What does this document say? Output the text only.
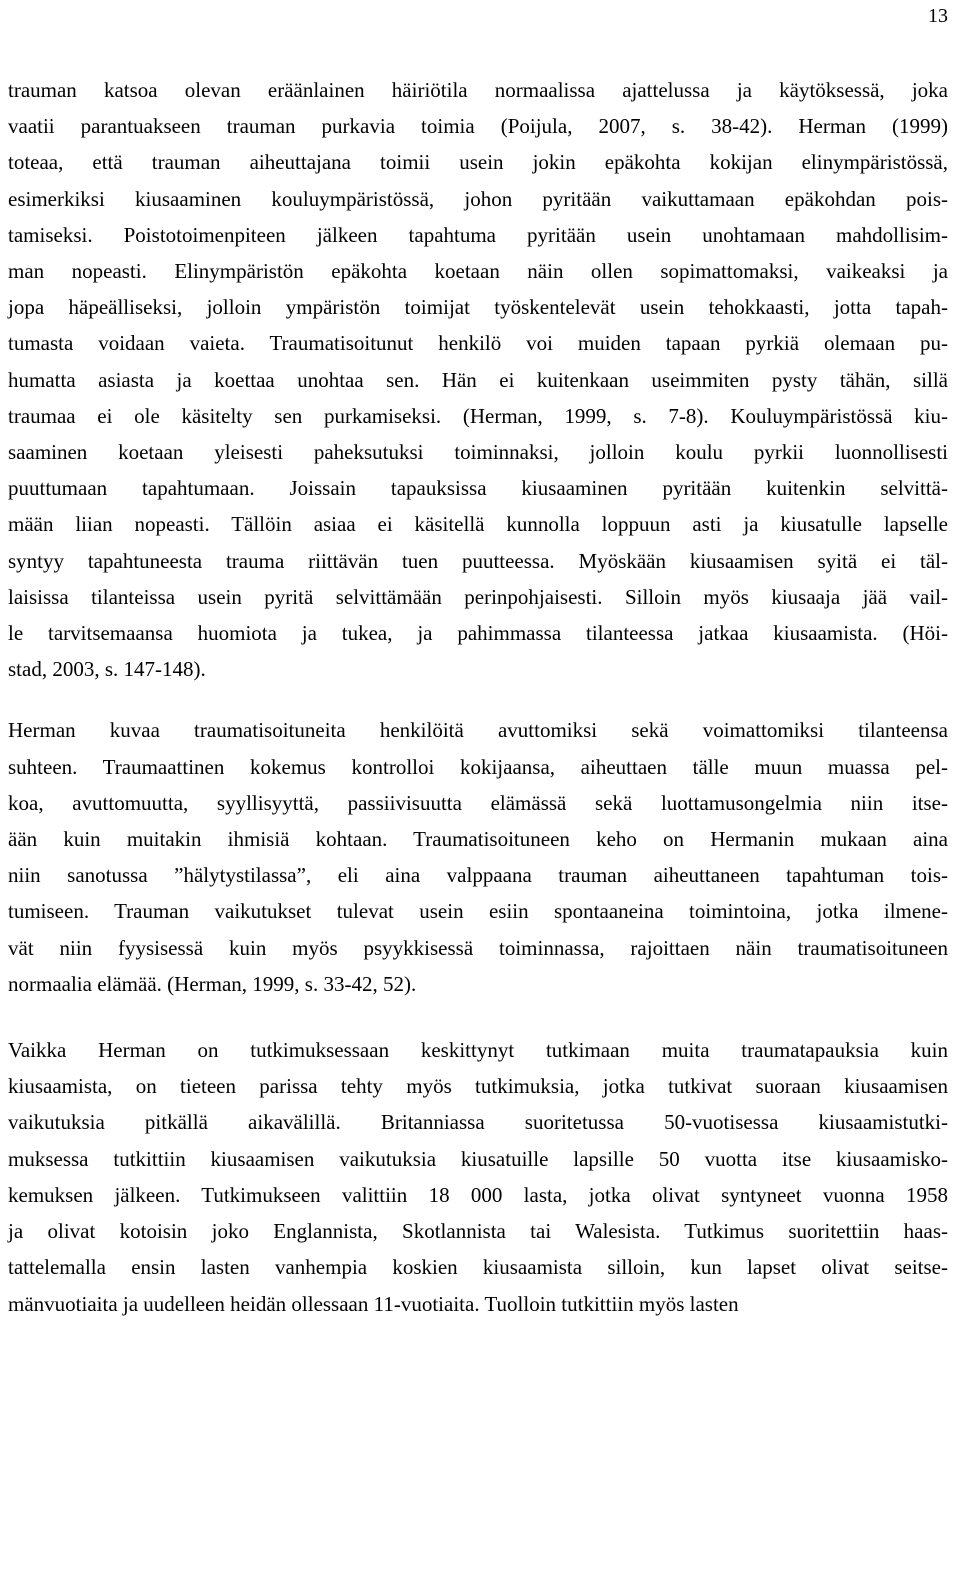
13

trauman katsoa olevan eräänlainen häiriötila normaalissa ajattelussa ja käytöksessä, joka
vaatii parantuakseen trauman purkavia toimia (Poijula, 2007, s. 38-42). Herman (1999)
toteaa, että trauman aiheuttajana toimii usein jokin epäkohta kokijan elinympäristössä,
esimerkiksi kiusaaminen kouluympäristössä, johon pyritään vaikuttamaan epäkohdan pois-
tamiseksi. Poistotoimenpiteen jälkeen tapahtuma pyritään usein unohtamaan mahdollisim-
man nopeasti. Elinympäristön epäkohta koetaan näin ollen sopimattomaksi, vaikeaksi ja
jopa häpeälliseksi, jolloin ympäristön toimijat työskentelevät usein tehokkaasti, jotta tapah-
tumasta voidaan vaieta. Traumatisoitunut henkilö voi muiden tapaan pyrkiä olemaan pu-
humatta asiasta ja koettaa unohtaa sen. Hän ei kuitenkaan useimmiten pysty tähän, sillä
traumaa ei ole käsitelty sen purkamiseksi. (Herman, 1999, s. 7-8). Kouluympäristössä kiu-
saaminen koetaan yleisesti paheksutuksi toiminnaksi, jolloin koulu pyrkii luonnollisesti
puuttumaan tapahtumaan. Joissain tapauksissa kiusaaminen pyritään kuitenkin selvittä-
mään liian nopeasti. Tällöin asiaa ei käsitellä kunnolla loppuun asti ja kiusatulle lapselle
syntyy tapahtuneesta trauma riittävän tuen puutteessa. Myöskään kiusaamisen syitä ei täl-
laisissa tilanteissa usein pyritä selvittämään perinpohjaisesti. Silloin myös kiusaaja jää vail-
le tarvitsemaansa huomiota ja tukea, ja pahimmassa tilanteessa jatkaa kiusaamista. (Höi-
stad, 2003, s. 147-148).

Herman kuvaa traumatisoituneita henkilöitä avuttomiksi sekä voimattomiksi tilanteensa
suhteen. Traumaattinen kokemus kontrolloi kokijaansa, aiheuttaen tälle muun muassa pel-
koa, avuttomuutta, syyllisyyttä, passiivisuutta elämässä sekä luottamusongelmia niin itse-
ään kuin muitakin ihmisiä kohtaan. Traumatisoituneen keho on Hermanin mukaan aina
niin sanotussa ”hälytystilassa”, eli aina valppaana trauman aiheuttaneen tapahtuman tois-
tumiseen. Trauman vaikutukset tulevat usein esiin spontaaneina toimintoina, jotka ilmene-
vät niin fyysisessä kuin myös psyykkisessä toiminnassa, rajoittaen näin traumatisoituneen
normaalia elämää. (Herman, 1999, s. 33-42, 52).

Vaikka Herman on tutkimuksessaan keskittynyt tutkimaan muita traumatapauksia kuin
kiusaamista, on tieteen parissa tehty myös tutkimuksia, jotka tutkivat suoraan kiusaamisen
vaikutuksia pitkällä aikavälillä. Britanniassa suoritetussa 50-vuotisessa kiusaamistutki-
muksessa tutkittiin kiusaamisen vaikutuksia kiusatuille lapsille 50 vuotta itse kiusaamisko-
kemuksen jälkeen. Tutkimukseen valittiin 18 000 lasta, jotka olivat syntyneet vuonna 1958
ja olivat kotoisin joko Englannista, Skotlannista tai Walesista. Tutkimus suoritettiin haas-
tattelemalla ensin lasten vanhempia koskien kiusaamista silloin, kun lapset olivat seitse-
mänvuotiaita ja uudelleen heidän ollessaan 11-vuotiaita. Tuolloin tutkittiin myös lasten
